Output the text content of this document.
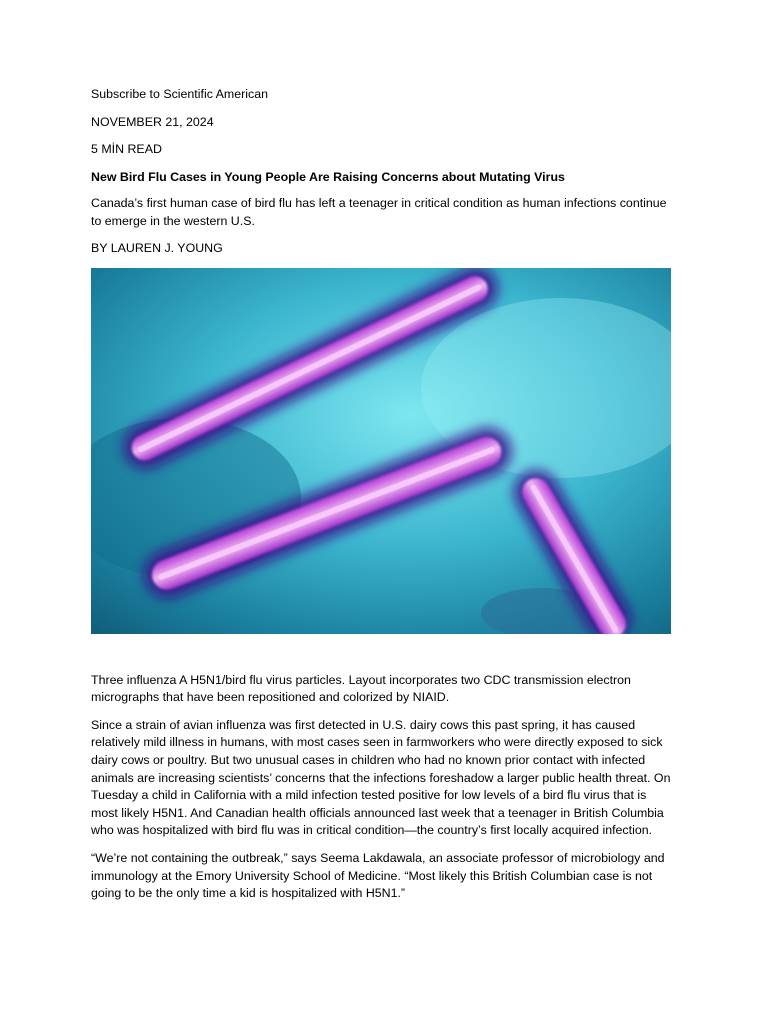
Subscribe to Scientific American

NOVEMBER 21, 2024

5 MİN READ

New Bird Flu Cases in Young People Are Raising Concerns about Mutating Virus

Canada’s first human case of bird flu has left a teenager in critical condition as human infections continue to emerge in the western U.S.

BY LAUREN J. YOUNG

Three influenza A H5N1/bird flu virus particles. Layout incorporates two CDC transmission electron micrographs that have been repositioned and colorized by NIAID.

Since a strain of avian influenza was first detected in U.S. dairy cows this past spring, it has caused relatively mild illness in humans, with most cases seen in farmworkers who were directly exposed to sick dairy cows or poultry. But two unusual cases in children who had no known prior contact with infected animals are increasing scientists’ concerns that the infections foreshadow a larger public health threat. On Tuesday a child in California with a mild infection tested positive for low levels of a bird flu virus that is most likely H5N1. And Canadian health officials announced last week that a teenager in British Columbia who was hospitalized with bird flu was in critical condition—the country’s first locally acquired infection.

“We’re not containing the outbreak,” says Seema Lakdawala, an associate professor of microbiology and immunology at the Emory University School of Medicine. “Most likely this British Columbian case is not going to be the only time a kid is hospitalized with H5N1.”
